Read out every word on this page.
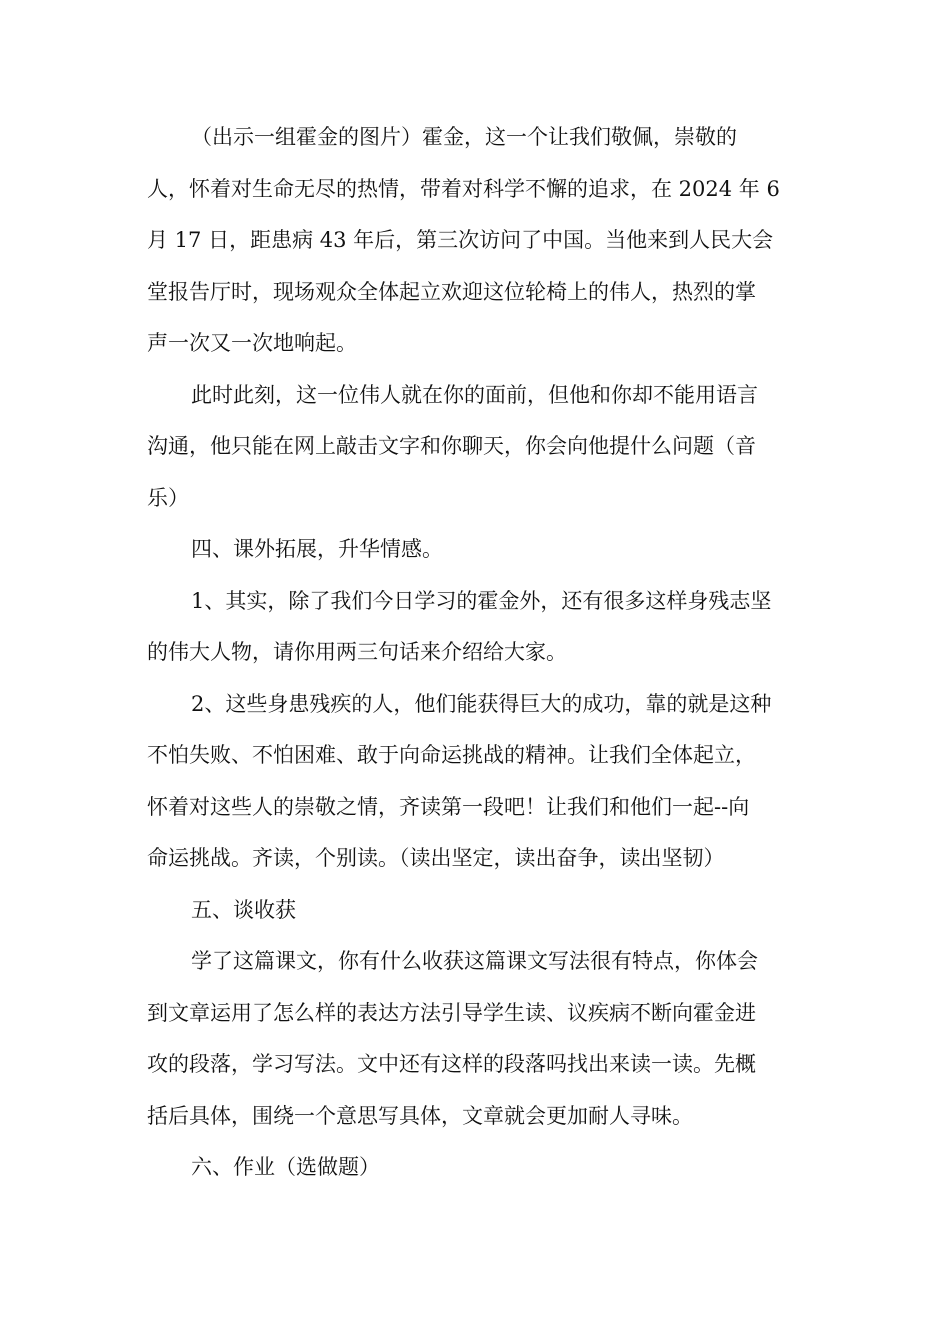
（出示一组霍金的图片）霍金，这一个让我们敬佩，崇敬的
人，怀着对生命无尽的热情，带着对科学不懈的追求，在 2024 年 6
月 17 日，距患病 43 年后，第三次访问了中国。当他来到人民大会
堂报告厅时，现场观众全体起立欢迎这位轮椅上的伟人，热烈的掌
声一次又一次地响起。
此时此刻，这一位伟人就在你的面前，但他和你却不能用语言
沟通，他只能在网上敲击文字和你聊天，你会向他提什么问题（音
乐）
四、课外拓展，升华情感。
1、其实，除了我们今日学习的霍金外，还有很多这样身残志坚
的伟大人物，请你用两三句话来介绍给大家。
2、这些身患残疾的人，他们能获得巨大的成功，靠的就是这种
不怕失败、不怕困难、敢于向命运挑战的精神。让我们全体起立，
怀着对这些人的崇敬之情，齐读第一段吧！让我们和他们一起--向
命运挑战。齐读，个别读。（读出坚定，读出奋争，读出坚韧）
五、谈收获
学了这篇课文，你有什么收获这篇课文写法很有特点，你体会
到文章运用了怎么样的表达方法引导学生读、议疾病不断向霍金进
攻的段落，学习写法。文中还有这样的段落吗找出来读一读。先概
括后具体，围绕一个意思写具体，文章就会更加耐人寻味。
六、作业（选做题）
